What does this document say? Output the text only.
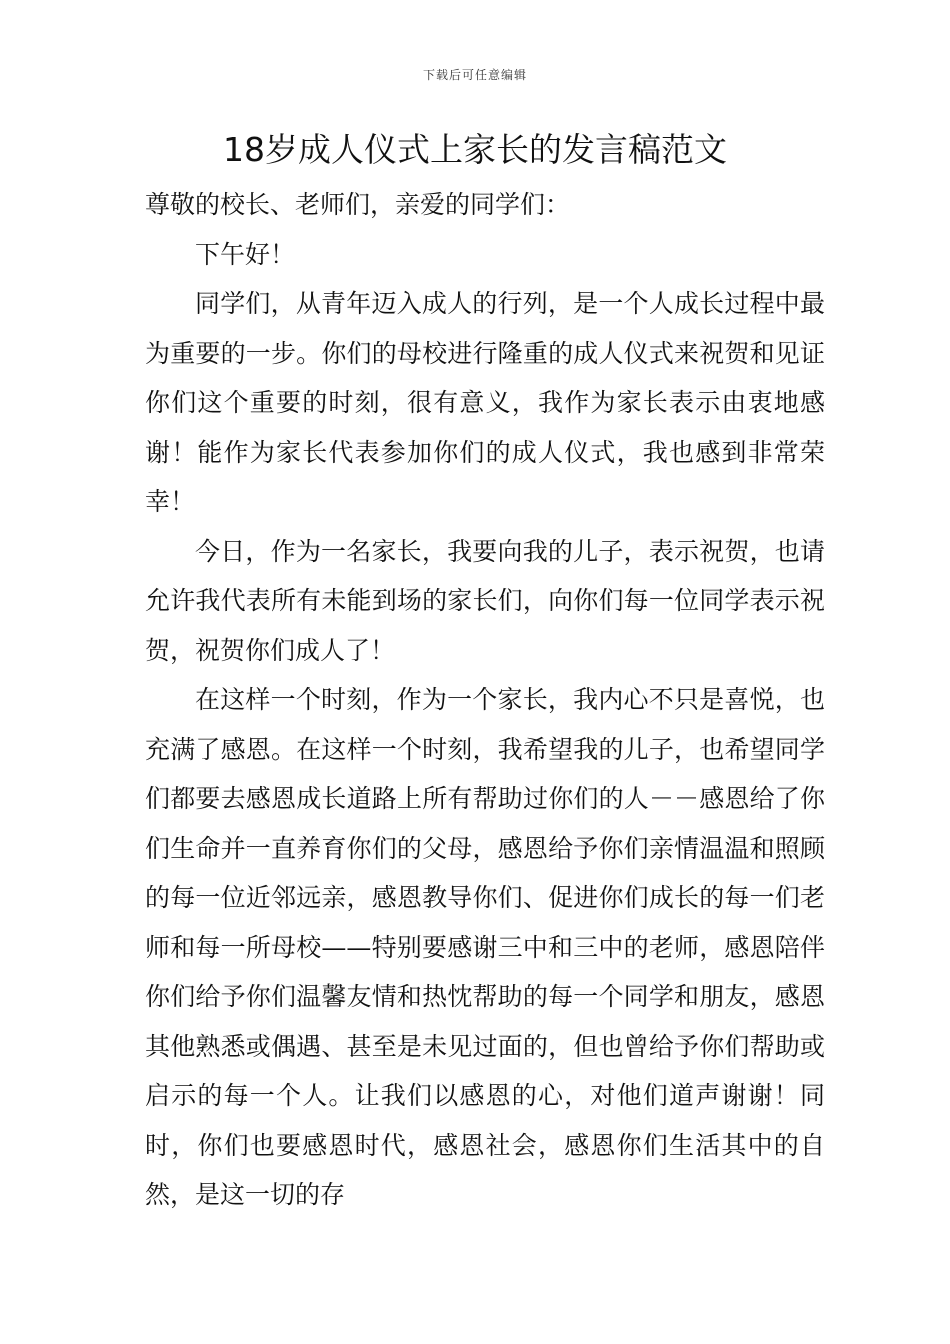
下载后可任意编辑
18岁成人仪式上家长的发言稿范文

尊敬的校长、老师们，亲爱的同学们：

下午好！

同学们，从青年迈入成人的行列，是一个人成长过程中最为重要的一步。你们的母校进行隆重的成人仪式来祝贺和见证你们这个重要的时刻，很有意义，我作为家长表示由衷地感谢！能作为家长代表参加你们的成人仪式，我也感到非常荣幸！

今日，作为一名家长，我要向我的儿子，表示祝贺，也请允许我代表所有未能到场的家长们，向你们每一位同学表示祝贺，祝贺你们成人了！

在这样一个时刻，作为一个家长，我内心不只是喜悦，也充满了感恩。在这样一个时刻，我希望我的儿子，也希望同学们都要去感恩成长道路上所有帮助过你们的人－－感恩给了你们生命并一直养育你们的父母，感恩给予你们亲情温温和照顾的每一位近邻远亲，感恩教导你们、促进你们成长的每一们老师和每一所母校——特别要感谢三中和三中的老师，感恩陪伴你们给予你们温馨友情和热忱帮助的每一个同学和朋友，感恩其他熟悉或偶遇、甚至是未见过面的，但也曾给予你们帮助或启示的每一个人。让我们以感恩的心，对他们道声谢谢！同时，你们也要感恩时代，感恩社会，感恩你们生活其中的自然，是这一切的存
